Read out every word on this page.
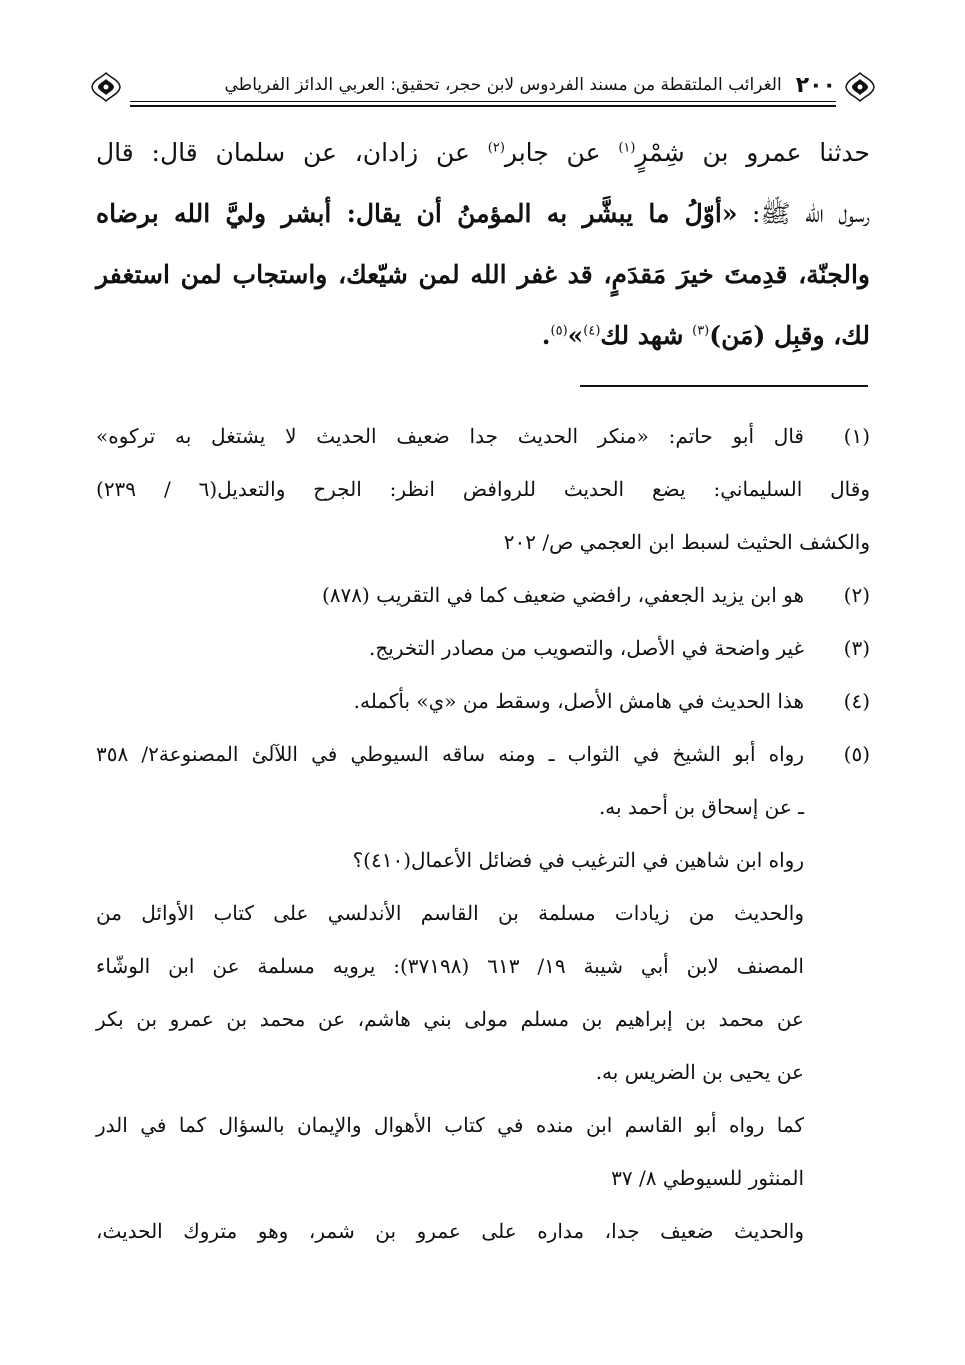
٢٠٠
الغرائب الملتقطة من مسند الفردوس لابن حجر، تحقيق: العربي الدائز الفرياطي
حدثنا عمرو بن شِمْرٍ$^{(١)}$ عن جابر$^{(٢)}$ عن زادان، عن سلمان قال: قال
رسول الله ﷺ: «أوّلُ ما يبشَّر به المؤمنُ أن يقال: أبشر وليَّ الله برضاه
والجنّة، قدِمتَ خيرَ مَقدَمٍ، قد غفر الله لمن شيّعك، واستجاب لمن استغفر
لك، وقبِل (مَن)$^{(٣)}$ شهد لك$^{(٤)}$»$^{(٥)}$.
(١)
قال أبو حاتم: «منكر الحديث جدا ضعيف الحديث لا يشتغل به تركوه»
وقال السليماني: يضع الحديث للروافض انظر: الجرح والتعديل(٦ / ٢٣٩)
والكشف الحثيث لسبط ابن العجمي ص/ ٢٠٢
(٢)
هو ابن يزيد الجعفي، رافضي ضعيف كما في التقريب (٨٧٨)
(٣)
غير واضحة في الأصل، والتصويب من مصادر التخريج.
(٤)
هذا الحديث في هامش الأصل، وسقط من «ي» بأكمله.
(٥)
رواه أبو الشيخ في الثواب ـ ومنه ساقه السيوطي في اللآلئ المصنوعة٢/ ٣٥٨
ـ عن إسحاق بن أحمد به.
رواه ابن شاهين في الترغيب في فضائل الأعمال(٤١٠)؟
والحديث من زيادات مسلمة بن القاسم الأندلسي على كتاب الأوائل من
المصنف لابن أبي شيبة ١٩/ ٦١٣ (٣٧١٩٨): يرويه مسلمة عن ابن الوشّاء
عن محمد بن إبراهيم بن مسلم مولى بني هاشم، عن محمد بن عمرو بن بكر
عن يحيى بن الضريس به.
كما رواه أبو القاسم ابن منده في كتاب الأهوال والإيمان بالسؤال كما في الدر
المنثور للسيوطي ٨/ ٣٧
والحديث ضعيف جدا، مداره على عمرو بن شمر، وهو متروك الحديث،
